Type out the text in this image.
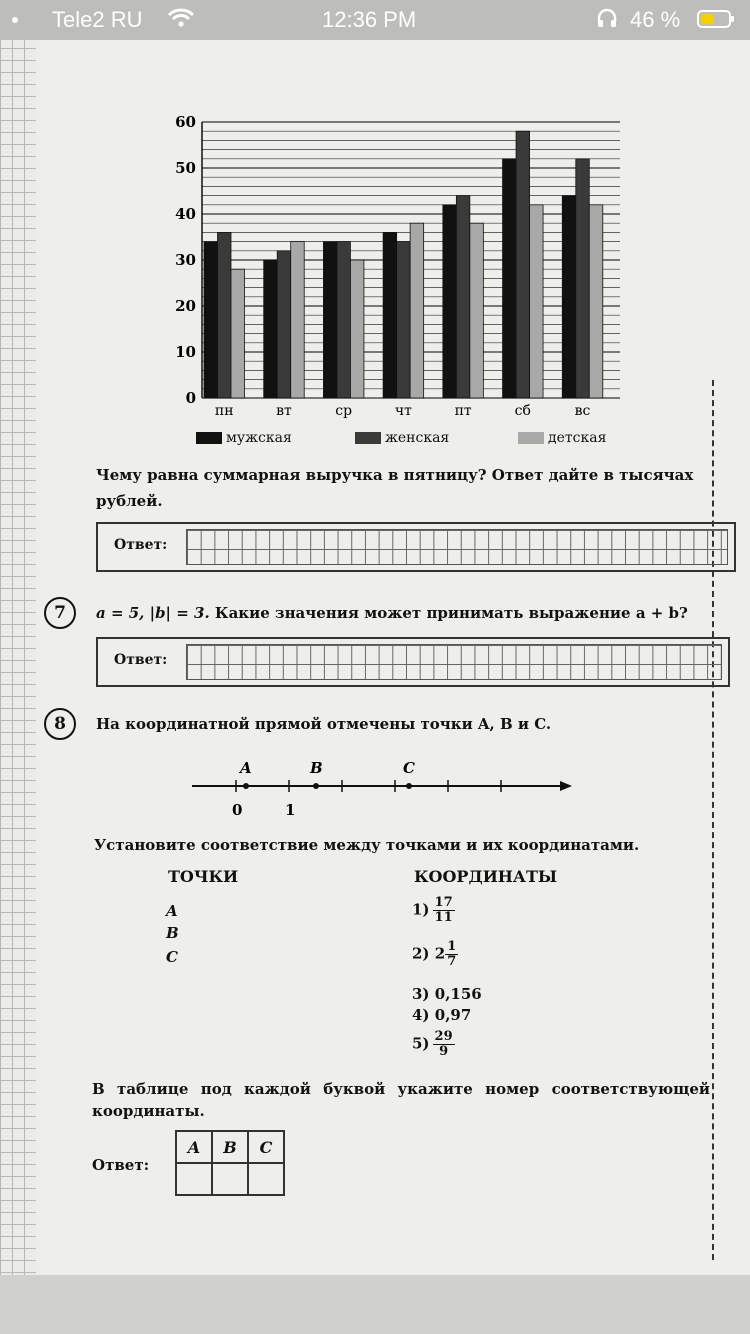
Tele2 RU	12:36 PM	46 %
0
10
20
30
40
50
60
пн	вт	ср	чт	пт	сб	вс
мужская	женская	детская
Чему равна суммарная выручка в пятницу? Ответ дайте в тысячах рублей.
Ответ:
7	a = 5, |b| = 3. Какие значения может принимать выражение a + b?
Ответ:
8	На координатной прямой отмечены точки A, B и C.
A	B	C
0	1
Установите соответствие между точками и их координатами.
ТОЧКИ	КООРДИНАТЫ
A
B
C
$1) \frac{17}{11}$
2) $2 \frac{1}{7}$
3) 0,156
4) 0,97
$5) \frac{29}{9}$
В таблице под каждой буквой укажите номер соответствующей координаты.
Ответ:
A	B	C
